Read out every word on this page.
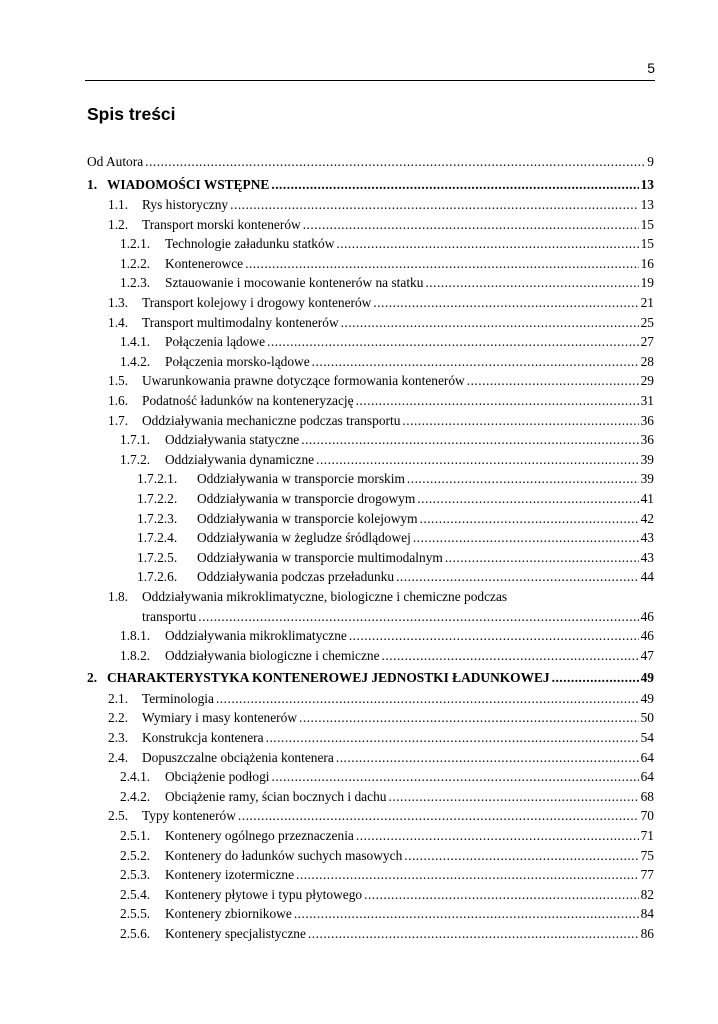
5
Spis treści
Od Autora .....	9
1. WIADOMOŚCI WSTĘPNE .....	13
1.1.	Rys historyczny .....	13
1.2.	Transport morski kontenerów .....	15
1.2.1.	Technologie załadunku statków .....	15
1.2.2.	Kontenerowce .....	16
1.2.3.	Sztauowanie i mocowanie kontenerów na statku .....	19
1.3.	Transport kolejowy i drogowy kontenerów .....	21
1.4.	Transport multimodalny kontenerów .....	25
1.4.1.	Połączenia lądowe .....	27
1.4.2.	Połączenia morsko-lądowe .....	28
1.5.	Uwarunkowania prawne dotyczące formowania kontenerów .....	29
1.6.	Podatność ładunków na konteneryzację .....	31
1.7.	Oddziaływania mechaniczne podczas transportu .....	36
1.7.1.	Oddziaływania statyczne .....	36
1.7.2.	Oddziaływania dynamiczne .....	39
1.7.2.1.	Oddziaływania w transporcie morskim .....	39
1.7.2.2.	Oddziaływania w transporcie drogowym .....	41
1.7.2.3.	Oddziaływania w transporcie kolejowym .....	42
1.7.2.4.	Oddziaływania w żegludze śródlądowej .....	43
1.7.2.5.	Oddziaływania w transporcie multimodalnym .....	43
1.7.2.6.	Oddziaływania podczas przeładunku .....	44
1.8.	Oddziaływania mikroklimatyczne, biologiczne i chemiczne podczas
transportu .....	46
1.8.1.	Oddziaływania mikroklimatyczne .....	46
1.8.2.	Oddziaływania biologiczne i chemiczne .....	47
2. CHARAKTERYSTYKA KONTENEROWEJ JEDNOSTKI ŁADUNKOWEJ .....	49
2.1.	Terminologia .....	49
2.2.	Wymiary i masy kontenerów .....	50
2.3.	Konstrukcja kontenera .....	54
2.4.	Dopuszczalne obciążenia kontenera .....	64
2.4.1.	Obciążenie podłogi .....	64
2.4.2.	Obciążenie ramy, ścian bocznych i dachu .....	68
2.5.	Typy kontenerów .....	70
2.5.1.	Kontenery ogólnego przeznaczenia .....	71
2.5.2.	Kontenery do ładunków suchych masowych .....	75
2.5.3.	Kontenery izotermiczne .....	77
2.5.4.	Kontenery płytowe i typu płytowego .....	82
2.5.5.	Kontenery zbiornikowe .....	84
2.5.6.	Kontenery specjalistyczne .....	86
